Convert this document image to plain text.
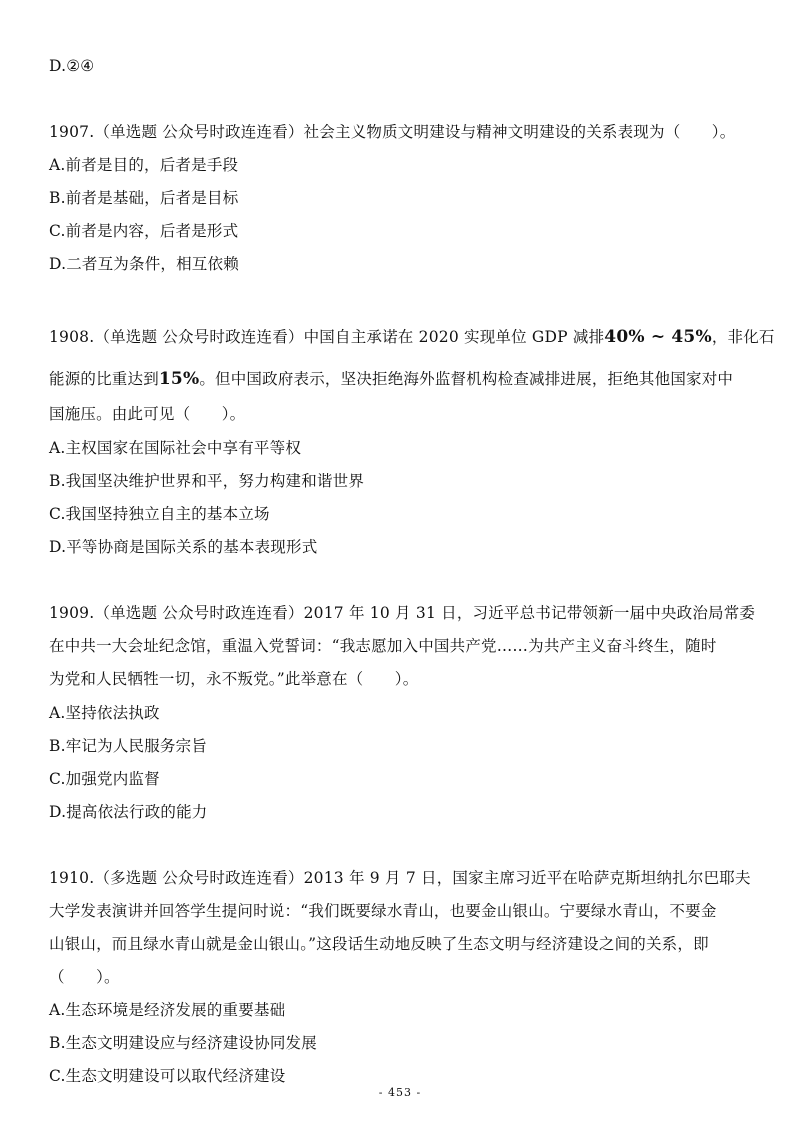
D.②④
1907.（单选题 公众号时政连连看）社会主义物质文明建设与精神文明建设的关系表现为（　　）。
A.前者是目的，后者是手段
B.前者是基础，后者是目标
C.前者是内容，后者是形式
D.二者互为条件，相互依赖
1908.（单选题 公众号时政连连看）中国自主承诺在 2020 实现单位 GDP 减排40% ~ 45%，非化石
能源的比重达到15%。但中国政府表示，坚决拒绝海外监督机构检查减排进展，拒绝其他国家对中
国施压。由此可见（　　）。
A.主权国家在国际社会中享有平等权
B.我国坚决维护世界和平，努力构建和谐世界
C.我国坚持独立自主的基本立场
D.平等协商是国际关系的基本表现形式
1909.（单选题 公众号时政连连看）2017 年 10 月 31 日，习近平总书记带领新一届中央政治局常委
在中共一大会址纪念馆，重温入党誓词：“我志愿加入中国共产党……为共产主义奋斗终生，随时
为党和人民牺牲一切，永不叛党。”此举意在（　　）。
A.坚持依法执政
B.牢记为人民服务宗旨
C.加强党内监督
D.提高依法行政的能力
1910.（多选题 公众号时政连连看）2013 年 9 月 7 日，国家主席习近平在哈萨克斯坦纳扎尔巴耶夫
大学发表演讲并回答学生提问时说：“我们既要绿水青山，也要金山银山。宁要绿水青山，不要金
山银山，而且绿水青山就是金山银山。”这段话生动地反映了生态文明与经济建设之间的关系，即
（　　）。
A.生态环境是经济发展的重要基础
B.生态文明建设应与经济建设协同发展
C.生态文明建设可以取代经济建设
- 453 -
